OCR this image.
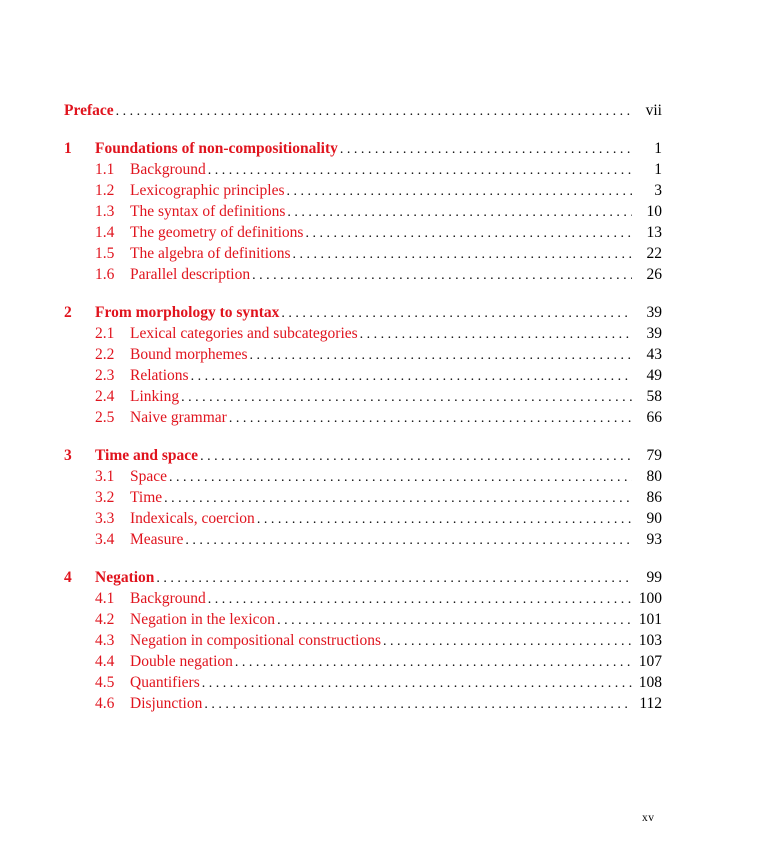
Preface . . .	vii
1	Foundations of non-compositionality . . .	1
1.1	Background . . .	1
1.2	Lexicographic principles . . .	3
1.3	The syntax of definitions . . .	10
1.4	The geometry of definitions . . .	13
1.5	The algebra of definitions . . .	22
1.6	Parallel description . . .	26
2	From morphology to syntax . . .	39
2.1	Lexical categories and subcategories . . .	39
2.2	Bound morphemes . . .	43
2.3	Relations . . .	49
2.4	Linking . . .	58
2.5	Naive grammar . . .	66
3	Time and space . . .	79
3.1	Space . . .	80
3.2	Time . . .	86
3.3	Indexicals, coercion . . .	90
3.4	Measure . . .	93
4	Negation . . .	99
4.1	Background . . .	100
4.2	Negation in the lexicon . . .	101
4.3	Negation in compositional constructions . . .	103
4.4	Double negation . . .	107
4.5	Quantifiers . . .	108
4.6	Disjunction . . .	112
xv
